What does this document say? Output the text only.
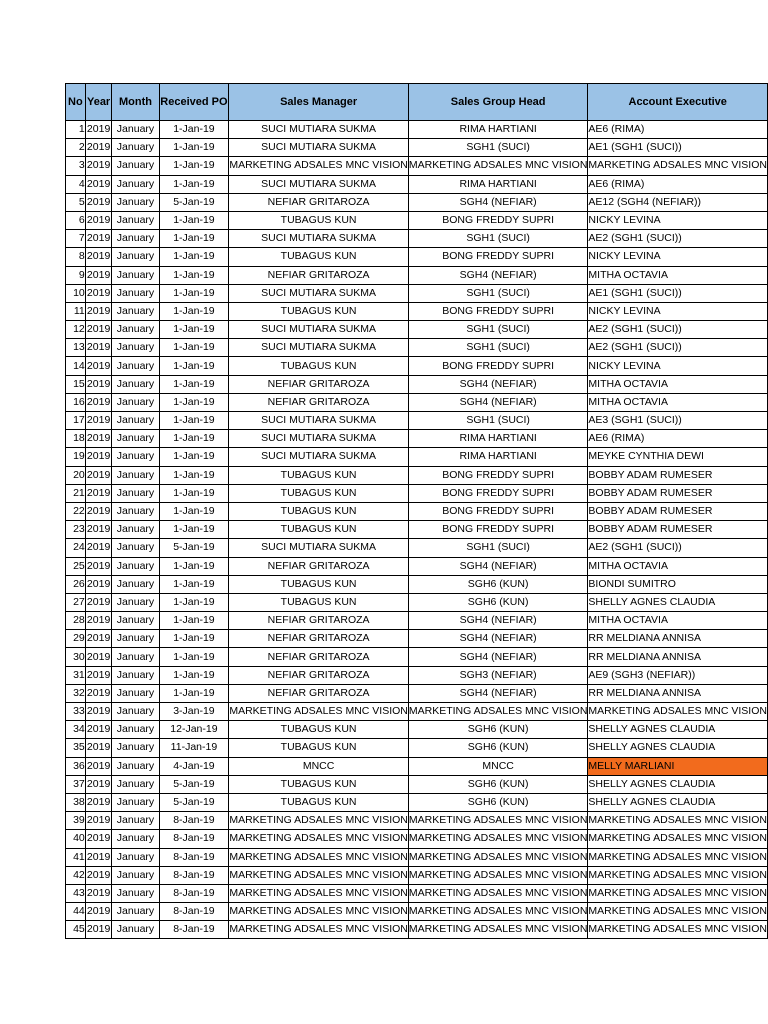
No	Year	Month	Received PO	Sales Manager	Sales Group Head	Account Executive

1	2019	January	1-Jan-19	SUCI MUTIARA SUKMA	RIMA HARTIANI	AE6 (RIMA)

2	2019	January	1-Jan-19	SUCI MUTIARA SUKMA	SGH1 (SUCI)	AE1 (SGH1 (SUCI))

3	2019	January	1-Jan-19	MARKETING ADSALES MNC VISION	MARKETING ADSALES MNC VISION	MARKETING ADSALES MNC VISION

4	2019	January	1-Jan-19	SUCI MUTIARA SUKMA	RIMA HARTIANI	AE6 (RIMA)

5	2019	January	5-Jan-19	NEFIAR GRITAROZA	SGH4 (NEFIAR)	AE12 (SGH4 (NEFIAR))

6	2019	January	1-Jan-19	TUBAGUS KUN	BONG FREDDY SUPRI	NICKY LEVINA

7	2019	January	1-Jan-19	SUCI MUTIARA SUKMA	SGH1 (SUCI)	AE2 (SGH1 (SUCI))

8	2019	January	1-Jan-19	TUBAGUS KUN	BONG FREDDY SUPRI	NICKY LEVINA

9	2019	January	1-Jan-19	NEFIAR GRITAROZA	SGH4 (NEFIAR)	MITHA OCTAVIA

10	2019	January	1-Jan-19	SUCI MUTIARA SUKMA	SGH1 (SUCI)	AE1 (SGH1 (SUCI))

11	2019	January	1-Jan-19	TUBAGUS KUN	BONG FREDDY SUPRI	NICKY LEVINA

12	2019	January	1-Jan-19	SUCI MUTIARA SUKMA	SGH1 (SUCI)	AE2 (SGH1 (SUCI))

13	2019	January	1-Jan-19	SUCI MUTIARA SUKMA	SGH1 (SUCI)	AE2 (SGH1 (SUCI))

14	2019	January	1-Jan-19	TUBAGUS KUN	BONG FREDDY SUPRI	NICKY LEVINA

15	2019	January	1-Jan-19	NEFIAR GRITAROZA	SGH4 (NEFIAR)	MITHA OCTAVIA

16	2019	January	1-Jan-19	NEFIAR GRITAROZA	SGH4 (NEFIAR)	MITHA OCTAVIA

17	2019	January	1-Jan-19	SUCI MUTIARA SUKMA	SGH1 (SUCI)	AE3 (SGH1 (SUCI))

18	2019	January	1-Jan-19	SUCI MUTIARA SUKMA	RIMA HARTIANI	AE6 (RIMA)

19	2019	January	1-Jan-19	SUCI MUTIARA SUKMA	RIMA HARTIANI	MEYKE CYNTHIA DEWI

20	2019	January	1-Jan-19	TUBAGUS KUN	BONG FREDDY SUPRI	BOBBY ADAM RUMESER

21	2019	January	1-Jan-19	TUBAGUS KUN	BONG FREDDY SUPRI	BOBBY ADAM RUMESER

22	2019	January	1-Jan-19	TUBAGUS KUN	BONG FREDDY SUPRI	BOBBY ADAM RUMESER

23	2019	January	1-Jan-19	TUBAGUS KUN	BONG FREDDY SUPRI	BOBBY ADAM RUMESER

24	2019	January	5-Jan-19	SUCI MUTIARA SUKMA	SGH1 (SUCI)	AE2 (SGH1 (SUCI))

25	2019	January	1-Jan-19	NEFIAR GRITAROZA	SGH4 (NEFIAR)	MITHA OCTAVIA

26	2019	January	1-Jan-19	TUBAGUS KUN	SGH6 (KUN)	BIONDI SUMITRO

27	2019	January	1-Jan-19	TUBAGUS KUN	SGH6 (KUN)	SHELLY AGNES CLAUDIA

28	2019	January	1-Jan-19	NEFIAR GRITAROZA	SGH4 (NEFIAR)	MITHA OCTAVIA

29	2019	January	1-Jan-19	NEFIAR GRITAROZA	SGH4 (NEFIAR)	RR MELDIANA ANNISA

30	2019	January	1-Jan-19	NEFIAR GRITAROZA	SGH4 (NEFIAR)	RR MELDIANA ANNISA

31	2019	January	1-Jan-19	NEFIAR GRITAROZA	SGH3 (NEFIAR)	AE9 (SGH3 (NEFIAR))

32	2019	January	1-Jan-19	NEFIAR GRITAROZA	SGH4 (NEFIAR)	RR MELDIANA ANNISA

33	2019	January	3-Jan-19	MARKETING ADSALES MNC VISION	MARKETING ADSALES MNC VISION	MARKETING ADSALES MNC VISION

34	2019	January	12-Jan-19	TUBAGUS KUN	SGH6 (KUN)	SHELLY AGNES CLAUDIA

35	2019	January	11-Jan-19	TUBAGUS KUN	SGH6 (KUN)	SHELLY AGNES CLAUDIA

36	2019	January	4-Jan-19	MNCC	MNCC	MELLY MARLIANI

37	2019	January	5-Jan-19	TUBAGUS KUN	SGH6 (KUN)	SHELLY AGNES CLAUDIA

38	2019	January	5-Jan-19	TUBAGUS KUN	SGH6 (KUN)	SHELLY AGNES CLAUDIA

39	2019	January	8-Jan-19	MARKETING ADSALES MNC VISION	MARKETING ADSALES MNC VISION	MARKETING ADSALES MNC VISION

40	2019	January	8-Jan-19	MARKETING ADSALES MNC VISION	MARKETING ADSALES MNC VISION	MARKETING ADSALES MNC VISION

41	2019	January	8-Jan-19	MARKETING ADSALES MNC VISION	MARKETING ADSALES MNC VISION	MARKETING ADSALES MNC VISION

42	2019	January	8-Jan-19	MARKETING ADSALES MNC VISION	MARKETING ADSALES MNC VISION	MARKETING ADSALES MNC VISION

43	2019	January	8-Jan-19	MARKETING ADSALES MNC VISION	MARKETING ADSALES MNC VISION	MARKETING ADSALES MNC VISION

44	2019	January	8-Jan-19	MARKETING ADSALES MNC VISION	MARKETING ADSALES MNC VISION	MARKETING ADSALES MNC VISION

45	2019	January	8-Jan-19	MARKETING ADSALES MNC VISION	MARKETING ADSALES MNC VISION	MARKETING ADSALES MNC VISION
